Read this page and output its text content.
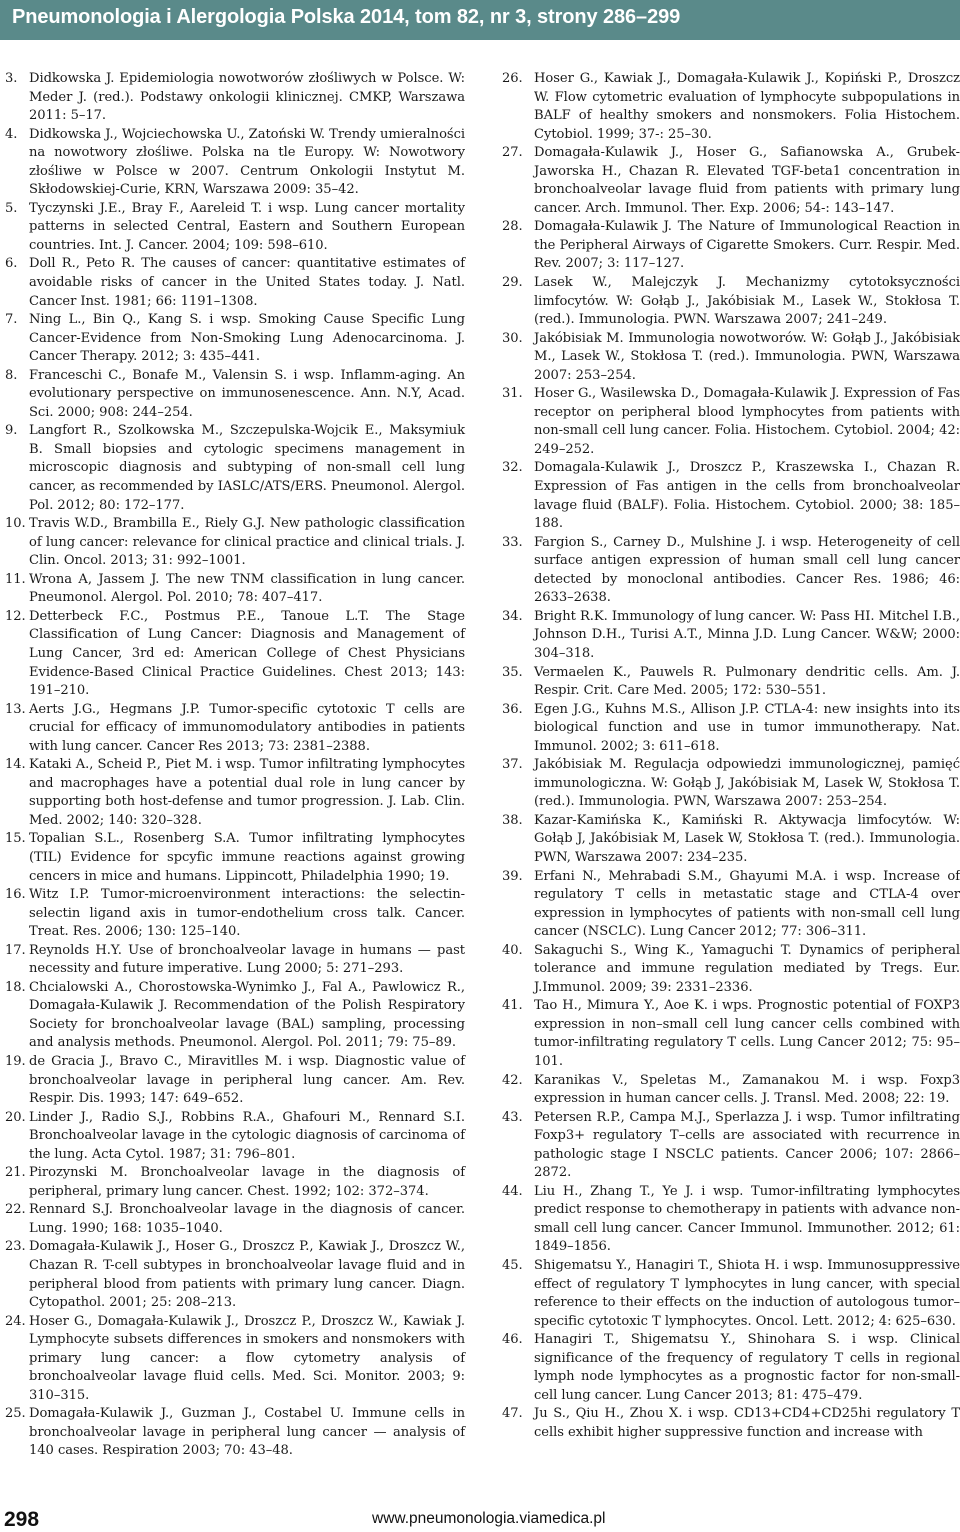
Pneumonologia i Alergologia Polska 2014, tom 82, nr 3, strony 286–299
3. Didkowska J. Epidemiologia nowotworów złośliwych w Polsce. W: Meder J. (red.). Podstawy onkologii klinicznej. CMKP, Warszawa 2011: 5–17.
4. Didkowska J., Wojciechowska U., Zatoński W. Trendy umieralności na nowotwory złośliwe. Polska na tle Europy. W: Nowotwory złośliwe w Polsce w 2007. Centrum Onkologii Instytut M. Skłodowskiej-Curie, KRN, Warszawa 2009: 35–42.
5. Tyczynski J.E., Bray F., Aareleid T. i wsp. Lung cancer mortality patterns in selected Central, Eastern and Southern European countries. Int. J. Cancer. 2004; 109: 598–610.
6. Doll R., Peto R. The causes of cancer: quantitative estimates of avoidable risks of cancer in the United States today. J. Natl. Cancer Inst. 1981; 66: 1191–1308.
7. Ning L., Bin Q., Kang S. i wsp. Smoking Cause Specific Lung Cancer-Evidence from Non-Smoking Lung Adenocarcinoma. J. Cancer Therapy. 2012; 3: 435–441.
8. Franceschi C., Bonafe M., Valensin S. i wsp. Inflamm-aging. An evolutionary perspective on immunosenescence. Ann. N.Y, Acad. Sci. 2000; 908: 244–254.
9. Langfort R., Szolkowska M., Szczepulska-Wojcik E., Maksymiuk B. Small biopsies and cytologic specimens management in microscopic diagnosis and subtyping of non-small cell lung cancer, as recommended by IASLC/ATS/ERS. Pneumonol. Alergol. Pol. 2012; 80: 172–177.
10. Travis W.D., Brambilla E., Riely G.J. New pathologic classification of lung cancer: relevance for clinical practice and clinical trials. J. Clin. Oncol. 2013; 31: 992–1001.
11. Wrona A, Jassem J. The new TNM classification in lung cancer. Pneumonol. Alergol. Pol. 2010; 78: 407–417.
12. Detterbeck F.C., Postmus P.E., Tanoue L.T. The Stage Classification of Lung Cancer: Diagnosis and Management of Lung Cancer, 3rd ed: American College of Chest Physicians Evidence-Based Clinical Practice Guidelines. Chest 2013; 143: 191–210.
13. Aerts J.G., Hegmans J.P. Tumor-specific cytotoxic T cells are crucial for efficacy of immunomodulatory antibodies in patients with lung cancer. Cancer Res 2013; 73: 2381–2388.
14. Kataki A., Scheid P., Piet M. i wsp. Tumor infiltrating lymphocytes and macrophages have a potential dual role in lung cancer by supporting both host-defense and tumor progression. J. Lab. Clin. Med. 2002; 140: 320–328.
15. Topalian S.L., Rosenberg S.A. Tumor infiltrating lymphocytes (TIL) Evidence for spcyfic immune reactions against growing cencers in mice and humans. Lippincott, Philadelphia 1990; 19.
16. Witz I.P. Tumor-microenvironment interactions: the selectin-selectin ligand axis in tumor-endothelium cross talk. Cancer. Treat. Res. 2006; 130: 125–140.
17. Reynolds H.Y. Use of bronchoalveolar lavage in humans — past necessity and future imperative. Lung 2000; 5: 271–293.
18. Chcialowski A., Chorostowska-Wynimko J., Fal A., Pawlowicz R., Domagała-Kulawik J. Recommendation of the Polish Respiratory Society for bronchoalveolar lavage (BAL) sampling, processing and analysis methods. Pneumonol. Alergol. Pol. 2011; 79: 75–89.
19. de Gracia J., Bravo C., Miravitlles M. i wsp. Diagnostic value of bronchoalveolar lavage in peripheral lung cancer. Am. Rev. Respir. Dis. 1993; 147: 649–652.
20. Linder J., Radio S.J., Robbins R.A., Ghafouri M., Rennard S.I. Bronchoalveolar lavage in the cytologic diagnosis of carcinoma of the lung. Acta Cytol. 1987; 31: 796–801.
21. Pirozynski M. Bronchoalveolar lavage in the diagnosis of peripheral, primary lung cancer. Chest. 1992; 102: 372–374.
22. Rennard S.J. Bronchoalveolar lavage in the diagnosis of cancer. Lung. 1990; 168: 1035–1040.
23. Domagała-Kulawik J., Hoser G., Droszcz P., Kawiak J., Droszcz W., Chazan R. T-cell subtypes in bronchoalveolar lavage fluid and in peripheral blood from patients with primary lung cancer. Diagn. Cytopathol. 2001; 25: 208–213.
24. Hoser G., Domagała-Kulawik J., Droszcz P., Droszcz W., Kawiak J. Lymphocyte subsets differences in smokers and nonsmokers with primary lung cancer: a flow cytometry analysis of bronchoalveolar lavage fluid cells. Med. Sci. Monitor. 2003; 9: 310–315.
25. Domagała-Kulawik J., Guzman J., Costabel U. Immune cells in bronchoalveolar lavage in peripheral lung cancer — analysis of 140 cases. Respiration 2003; 70: 43–48.
26. Hoser G., Kawiak J., Domagała-Kulawik J., Kopiński P., Droszcz W. Flow cytometric evaluation of lymphocyte subpopulations in BALF of healthy smokers and nonsmokers. Folia Histochem. Cytobiol. 1999; 37-: 25–30.
27. Domagała-Kulawik J., Hoser G., Safianowska A., Grubek-Jaworska H., Chazan R. Elevated TGF-beta1 concentration in bronchoalveolar lavage fluid from patients with primary lung cancer. Arch. Immunol. Ther. Exp. 2006; 54-: 143–147.
28. Domagała-Kulawik J. The Nature of Immunological Reaction in the Peripheral Airways of Cigarette Smokers. Curr. Respir. Med. Rev. 2007; 3: 117–127.
29. Lasek W., Malejczyk J. Mechanizmy cytotoksyczności limfocytów. W: Gołąb J., Jakóbisiak M., Lasek W., Stokłosa T. (red.). Immunologia. PWN. Warszawa 2007; 241–249.
30. Jakóbisiak M. Immunologia nowotworów. W: Gołąb J., Jakóbisiak M., Lasek W., Stokłosa T. (red.). Immunologia. PWN, Warszawa 2007: 253–254.
31. Hoser G., Wasilewska D., Domagała-Kulawik J. Expression of Fas receptor on peripheral blood lymphocytes from patients with non-small cell lung cancer. Folia. Histochem. Cytobiol. 2004; 42: 249–252.
32. Domagala-Kulawik J., Droszcz P., Kraszewska I., Chazan R. Expression of Fas antigen in the cells from bronchoalveolar lavage fluid (BALF). Folia. Histochem. Cytobiol. 2000; 38: 185–188.
33. Fargion S., Carney D., Mulshine J. i wsp. Heterogeneity of cell surface antigen expression of human small cell lung cancer detected by monoclonal antibodies. Cancer Res. 1986; 46: 2633–2638.
34. Bright R.K. Immunology of lung cancer. W: Pass HI. Mitchel I.B., Johnson D.H., Turisi A.T., Minna J.D. Lung Cancer. W&W; 2000: 304–318.
35. Vermaelen K., Pauwels R. Pulmonary dendritic cells. Am. J. Respir. Crit. Care Med. 2005; 172: 530–551.
36. Egen J.G., Kuhns M.S., Allison J.P. CTLA-4: new insights into its biological function and use in tumor immunotherapy. Nat. Immunol. 2002; 3: 611–618.
37. Jakóbisiak M. Regulacja odpowiedzi immunologicznej, pamięć immunologiczna. W: Gołąb J, Jakóbisiak M, Lasek W, Stokłosa T. (red.). Immunologia. PWN, Warszawa 2007: 253–254.
38. Kazar-Kamińska K., Kamiński R. Aktywacja limfocytów. W: Gołąb J, Jakóbisiak M, Lasek W, Stokłosa T. (red.). Immunologia. PWN, Warszawa 2007: 234–235.
39. Erfani N., Mehrabadi S.M., Ghayumi M.A. i wsp. Increase of regulatory T cells in metastatic stage and CTLA-4 over expression in lymphocytes of patients with non-small cell lung cancer (NSCLC). Lung Cancer 2012; 77: 306–311.
40. Sakaguchi S., Wing K., Yamaguchi T. Dynamics of peripheral tolerance and immune regulation mediated by Tregs. Eur. J.Immunol. 2009; 39: 2331–2336.
41. Tao H., Mimura Y., Aoe K. i wps. Prognostic potential of FOXP3 expression in non–small cell lung cancer cells combined with tumor-infiltrating regulatory T cells. Lung Cancer 2012; 75: 95–101.
42. Karanikas V., Speletas M., Zamanakou M. i wsp. Foxp3 expression in human cancer cells. J. Transl. Med. 2008; 22: 19.
43. Petersen R.P., Campa M.J., Sperlazza J. i wsp. Tumor infiltrating Foxp3+ regulatory T–cells are associated with recurrence in pathologic stage I NSCLC patients. Cancer 2006; 107: 2866–2872.
44. Liu H., Zhang T., Ye J. i wsp. Tumor-infiltrating lymphocytes predict response to chemotherapy in patients with advance non-small cell lung cancer. Cancer Immunol. Immunother. 2012; 61: 1849–1856.
45. Shigematsu Y., Hanagiri T., Shiota H. i wsp. Immunosuppressive effect of regulatory T lymphocytes in lung cancer, with special reference to their effects on the induction of autologous tumor–specific cytotoxic T lymphocytes. Oncol. Lett. 2012; 4: 625–630.
46. Hanagiri T., Shigematsu Y., Shinohara S. i wsp. Clinical significance of the frequency of regulatory T cells in regional lymph node lymphocytes as a prognostic factor for non-small-cell lung cancer. Lung Cancer 2013; 81: 475–479.
47. Ju S., Qiu H., Zhou X. i wsp. CD13+CD4+CD25hi regulatory T cells exhibit higher suppressive function and increase with
298	www.pneumonologia.viamedica.pl
